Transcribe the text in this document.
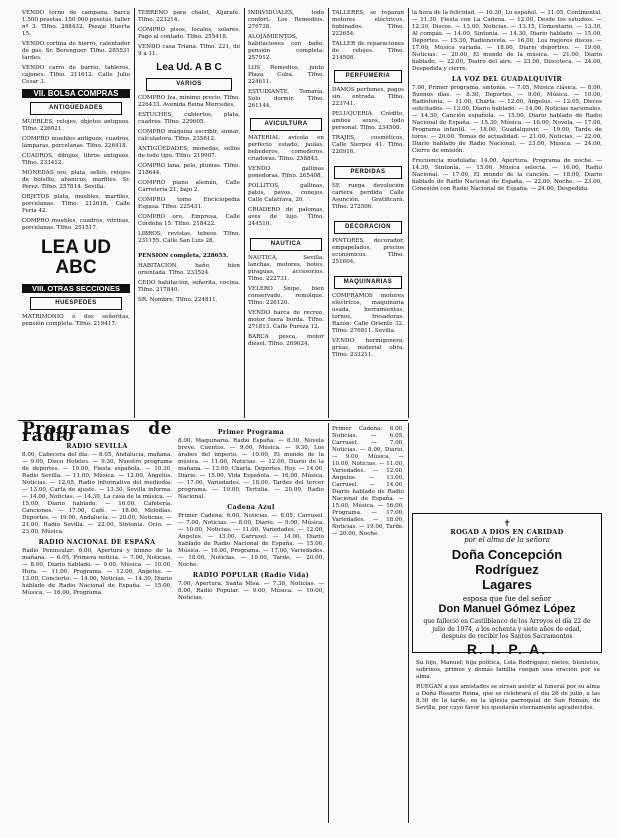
VENDO torno de campana, barca 1.500 pesetas. 150 000 pesetas, taller nº 3. Tlfno. 288432, Pasaje Huerta 15.
VENDO cortina de hierro, calentador de gas. Sr. Berenguer. Tlfno. 285531 tardes.
VENDO carro de barrio, tableros, cajones. Tlfno. 211612. Calle Julio César 3.
VII. BOLSA COMPRAS
ANTIGÜEDADES
MUEBLES, relojes, objetos antiguos. Tlfno. 226021.
COMPRO muebles antiguos, cuadros, lámparas, porcelanas. Tlfno. 226418.
CUADROS, dibujos, libros antiguos. Tlfno. 233412.
MONEDAS oro, plata, sellos, relojes de bolsillo, abanicos, marfiles. Sr. Pérez. Tlfno. 257814. Sevilla.
OBJETOS plata, muebles, marfiles, porcelanas. Tlfno. 212618. Calle Feria 42.
COMPRO muebles, cuadros, vitrinas, porcelanas. Tlfno. 251517.
LEA UD
ABC
VIII. OTRAS SECCIONES
HUESPEDES
MATRIMONIO o dos señoritas, pensión completa. Tlfno. 219417.
TERRENO para chalet, Aljarafe. Tlfno. 223214.
COMPRO pisos, locales, solares. Pago al contado. Tlfno. 255418.
VENDO casa Triana. Tlfno. 221, de 9 a 11.
Lea Ud. A B C
VARIOS
COMPRO Iza, mínimo precio. Tlfno. 226433. Avenida Reina Mercedes.
ESTUCHES, cubiertos, plata, cuadros. Tlfno. 229605.
COMPRO máquina escribir, sumar, calculadora. Tlfno. 235612.
ANTIGÜEDADES, monedas, sellos de todo tipo. Tlfno. 219907.
COMPRO lana, pelo, plumas. Tlfno. 218644.
COMPRO piano alemán, Calle Carretería 21, bajo 2.
COMPRO tomo Enciclopedia Espasa. Tlfno. 225431.
COMPRO oro, Empresa, Calle Córdoba 15. Tlfno. 218422.
LIBROS, revistas, tebeos. Tlfno. 231155. Calle San Luis 28.
PENSION completa, 228653.
HABITACIÓN, baño, bien orientada. Tlfno. 233524.
CEDO habitación, señorita, cocina. Tlfno. 217840.
SR. Nombre, Tlfno. 224811.
INDIVIDUALES, todo confort. Los Remedios. 276738.
ALOJAMIENTOS, habitaciones con baño, pensión completa. 257912.
LOS Remedios, junto Plaza Cuba. Tlfno. 224611.
ESTUDIANTE. Tomaría. Solo dormir. Tlfno. 261144.
AVICULTURA
MATERIAL avícola en perfecto estado, jaulas, bebederos, comederos, criadoras. Tlfno. 258843.
VENDO gallinas ponedoras. Tlfno. 265408.
POLLITOS, gallinas, patos, pavos, conejos. Calle Calatrava, 20.
CRIADERO de palomas, aves de lujo. Tlfno. 244510.
NAUTICA
NAUTICA, Sevilla, lanchas, motores, botes, piraguas, accesorios. Tlfno. 222731.
VELERO Snipe, bien conservado, remolque. Tlfno. 226120.
VENDO barca de recreo, motor fuera borda. Tlfno. 271813. Calle Pureza 12.
BARCA pesca, motor diésel. Tlfno. 269024.
TALLERES, se reparan motores eléctricos, bobinados. Tlfno. 222654.
TALLER de reparaciones de relojes. Tlfno. 214508.
PERFUMERIA
DAMOS perfumes, pagos sin entrada. Tlfno. 223741.
PELUQUERÍA. Crédito, ambos sexos, todo personal. Tlfno. 234508.
TRAJES, cosméticos, Calle Sierpes 41. Tlfno. 220916.
PERDIDAS
SE ruega devolución cartera perdida Calle Asunción. Gratificará. Tlfno. 272506.
DECORACION
PINTORES, decorador, empapelados, precios económicos. Tlfno. 251604.
MAQUINARIAS
COMPRAMOS motores eléctricos, maquinaria usada, herramientas, tornos, fresadoras. Razón: Calle Oriente 32. Tlfno. 276811. Sevilla.
VENDO hormigonera, grúas, material obra. Tlfno. 233211.
la hora de la felicidad. — 10.30, Lo español. — 11.05, Continental. — 11.30, Fiesta con La Cadena. — 12.00, Desde los estudios. — 12.30, Discos. — 13.00, Noticias. — 13.15, Comentario. — 13.30, Al compás. — 14.00, Sintonía. — 14.30, Diario hablado. — 15.00, Deportes. — 15.30, Radionovela. — 16.00, Los mejores discos. — 17.00, Música variada. — 18.00, Diario deportivo. — 19.00, Noticias. — 20.00, El mundo de la música. — 21.00, Diario hablado. — 22.00, Teatro del aire. — 23.00, Discoteca. — 24.00, Despedida y cierre.
LA VOZ DEL GUADALQUIVIR
7.00, Primer programa, sintonía. — 7.05, Música clásica. — 8.00, Buenos días. — 8.30, Deportes. — 9.00, Música. — 10.00, Radiofonía. — 11.00, Charla. — 12.00, Ángelus. — 12.05, Discos solicitados. — 13.00, Diario hablado. — 14.00, Noticias nacionales. — 14.30, Canción española. — 15.00, Diario hablado de Radio Nacional de España. — 15.30, Música. — 16.00, Novela. — 17.00, Programa infantil. — 18.00, Guadalquivir. — 19.00, Tarde de toros. — 20.00, Temas de actualidad. — 21.00, Noticias. — 22.00, Diario hablado de Radio Nacional. — 23.00, Música. — 24.00, Cierre de emisión.
Frecuencia modulada: 14.00, Apertura. Programa de noche. — 14.30, Sintonía. — 15.00, Música selecta. — 16.00, Radio Nacional. — 17.00, El mundo de la canción. — 18.00, Diario hablado de Radio Nacional de España. — 22.00, Noche. — 23.00, Conexión con Radio Nacional de España. — 24.00, Despedida.
Programas de radio
RADIO SEVILLA
8.00, Cabecera del día. — 8.05, Andalucía, mañana. — 9.00, Disco Hoteles. — 9.30, Nuestro programa de deportes. — 10.00, Fiesta española. — 10.30, Radio Sevilla. — 11.00, Música. — 12.00, Ángelus. Noticias. — 12.05, Radio informativa del mediodía. — 13.00, Carta de ajuste. — 13.30, Sevilla informa. — 14.00, Noticias. — 14.30, La casa de la música. — 15.00, Diario hablado. — 16.00, Cafetería. Canciones. — 17.00, Café. — 18.00, Melodías. Deportes. — 19.00, Andalucía. — 20.00, Noticias. — 21.00, Radio Sevilla. — 22.00, Sintonía. Ocio. — 23.00, Música.
RADIO NACIONAL DE ESPAÑA
Radio Peninsular: 6.00, Apertura y himno de la mañana. — 6.05, Primera noticia. — 7.00, Noticias. — 8.00, Diario hablado. — 9.00, Música. — 10.00, Hora. — 11.00, Programa. — 12.00, Ángelus. — 13.00, Concierto. — 14.00, Noticias. — 14.30, Diario hablado de Radio Nacional de España. — 15.00, Música. — 16.00, Programa.
Primer Programa
8.00, Maquinaria. Radio España. — 8.30, Novela breve. Cuentos. — 9.00, Música. — 9.30, Los árabes del imperio. — 10.00, El mundo de la música. — 11.00, Noticias. — 12.00, Diario de la mañana. — 13.00, Charla. Deportes. Hoy. — 14.00, Diario. — 15.00, Vida Española. — 16.00, Música. — 17.00, Variedades. — 18.00, Tardes del tercer programa. — 19.00, Tertulia. — 20.00, Radio Nacional.
Cadena Azul
Primer Cadena: 6.00, Noticias. — 6.05, Carrusel. — 7.00, Noticias. — 8.00, Diario. — 9.00, Música. — 10.00, Noticias. — 11.00, Variedades. — 12.00, Ángelus. — 13.00, Carrusel. — 14.00, Diario hablado de Radio Nacional de España. — 15.00, Música. — 16.00, Programa. — 17.00, Variedades. — 18.00, Noticias. — 19.00, Tarde. — 20.00, Noche.
RADIO POPULAR (Radio Vida)
7.00, Apertura. Santa Misa. — 7.30, Noticias. — 8.00, Radio Popular. — 9.00, Música. — 10.00, Noticias.
Primer Cadena: 6.00, Noticias. — 6.05, Carrusel. — 7.00, Noticias. — 8.00, Diario. — 9.00, Música. — 10.00, Noticias. — 11.00, Variedades. — 12.00, Ángelus. — 13.00, Carrusel. — 14.00, Diario hablado de Radio Nacional de España. — 15.00, Música. — 16.00, Programa. — 17.00, Variedades. — 18.00, Noticias. — 19.00, Tarde. — 20.00, Noche.
✝
ROGAD A DIOS EN CARIDAD
por el alma de la señora
Doña Concepción Rodríguez
Lagares
esposa que fue del señor
Don Manuel Gómez López
que falleció en Castilblanco de los Arroyos el día 22 de julio de 1974, a los ochenta y siete años de edad, después de recibir los Santos Sacramentos
R. I. P. A.
Su hijo, Manuel; hija política, Lola Rodríguez; nietos, bisnietos, sobrinos, primos y demás familia ruegan una oración por su alma.
RUEGAN a sus amistades se sirvan asistir al funeral por su alma a Doña Rosario Reina, que se celebrará el día 26 de julio, a las 8.30 de la tarde, en la iglesia parroquial de San Román, de Sevilla, por cuyo favor les quedarán eternamente agradecidos.
